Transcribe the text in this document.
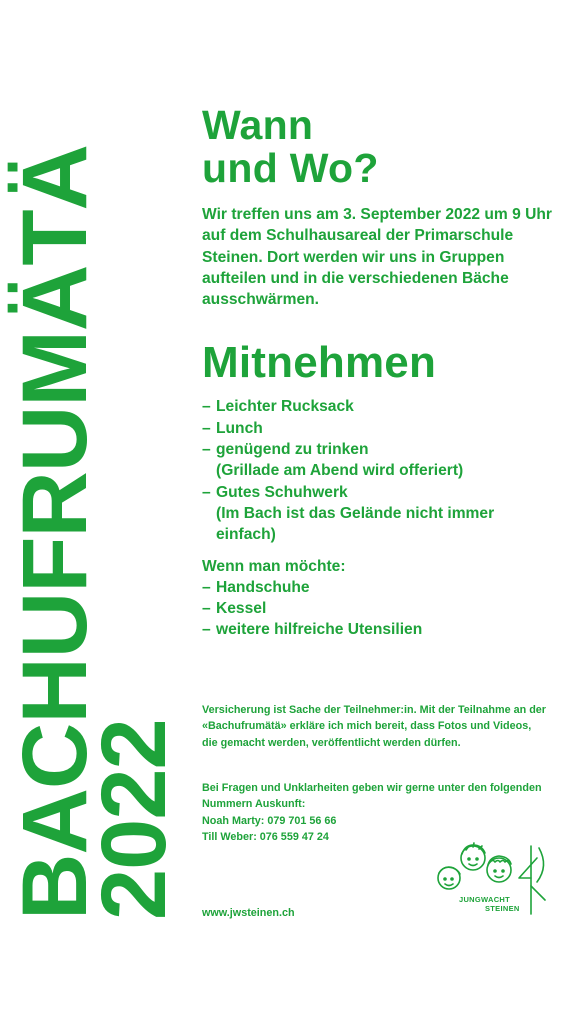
BACHUFRUMÄTÄ
2022
Wann
und Wo?

Wir treffen uns am 3. September 2022 um 9 Uhr auf dem Schulhausareal der Primarschule Steinen. Dort werden wir uns in Gruppen aufteilen und in die verschiedenen Bäche ausschwärmen.

Mitnehmen
– Leichter Rucksack
– Lunch
– genügend zu trinken
(Grillade am Abend wird offeriert)
– Gutes Schuhwerk
(Im Bach ist das Gelände nicht immer einfach)

Wenn man möchte:

– Handschuhe
– Kessel
– weitere hilfreiche Utensilien
Versicherung ist Sache der Teilnehmer:in. Mit der Teilnahme an der «Bachufrumätä» erkläre ich mich bereit, dass Fotos und Videos, die gemacht werden, veröffentlicht werden dürfen.

Bei Fragen und Unklarheiten geben wir gerne unter den folgenden Nummern Auskunft:

Noah Marty: 079 701 56 66

Till Weber: 076 559 47 24

www.jwsteinen.ch
JUNGWACHT
STEINEN
